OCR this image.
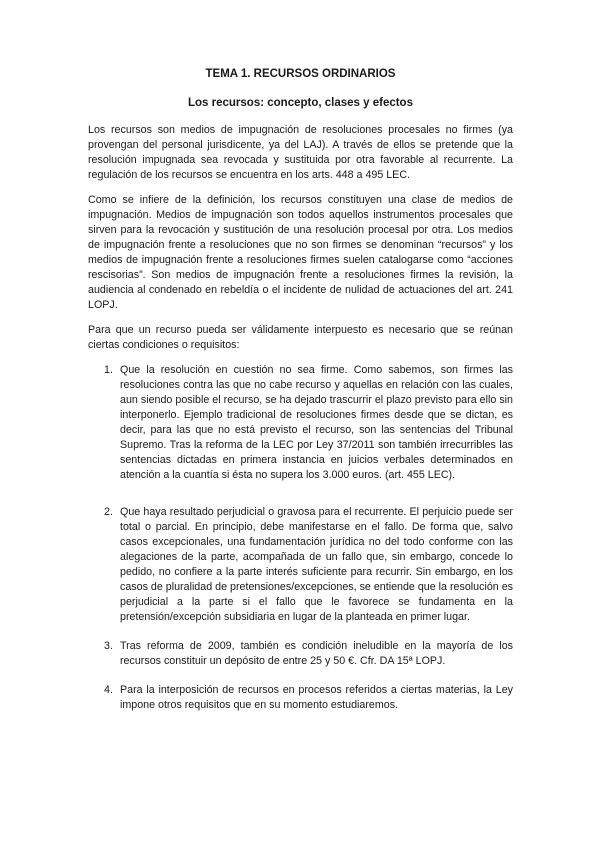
TEMA 1. RECURSOS ORDINARIOS
Los recursos: concepto, clases y efectos

Los recursos son medios de impugnación de resoluciones procesales no firmes (ya provengan del personal jurisdicente, ya del LAJ). A través de ellos se pretende que la resolución impugnada sea revocada y sustituida por otra favorable al recurrente. La regulación de los recursos se encuentra en los arts. 448 a 495 LEC.

Como se infiere de la definición, los recursos constituyen una clase de medios de impugnación. Medios de impugnación son todos aquellos instrumentos procesales que sirven para la revocación y sustitución de una resolución procesal por otra. Los medios de impugnación frente a resoluciones que no son firmes se denominan “recursos” y los medios de impugnación frente a resoluciones firmes suelen catalogarse como “acciones rescisorias”. Son medios de impugnación frente a resoluciones firmes la revisión, la audiencia al condenado en rebeldía o el incidente de nulidad de actuaciones del art. 241 LOPJ.

Para que un recurso pueda ser válidamente interpuesto es necesario que se reúnan ciertas condiciones o requisitos:

1. Que la resolución en cuestión no sea firme. Como sabemos, son firmes las resoluciones contra las que no cabe recurso y aquellas en relación con las cuales, aun siendo posible el recurso, se ha dejado trascurrir el plazo previsto para ello sin interponerlo. Ejemplo tradicional de resoluciones firmes desde que se dictan, es decir, para las que no está previsto el recurso, son las sentencias del Tribunal Supremo. Tras la reforma de la LEC por Ley 37/2011 son también irrecurribles las sentencias dictadas en primera instancia en juicios verbales determinados en atención a la cuantía si ésta no supera los 3.000 euros. (art. 455 LEC).
2. Que haya resultado perjudicial o gravosa para el recurrente. El perjuicio puede ser total o parcial. En principio, debe manifestarse en el fallo. De forma que, salvo casos excepcionales, una fundamentación jurídica no del todo conforme con las alegaciones de la parte, acompañada de un fallo que, sin embargo, concede lo pedido, no confiere a la parte interés suficiente para recurrir. Sin embargo, en los casos de pluralidad de pretensiones/excepciones, se entiende que la resolución es perjudicial a la parte si el fallo que le favorece se fundamenta en la pretensión/excepción subsidiaria en lugar de la planteada en primer lugar.
3. Tras reforma de 2009, también es condición ineludible en la mayoría de los recursos constituir un depósito de entre 25 y 50 €. Cfr. DA 15ª LOPJ.
4. Para la interposición de recursos en procesos referidos a ciertas materias, la Ley impone otros requisitos que en su momento estudiaremos.
